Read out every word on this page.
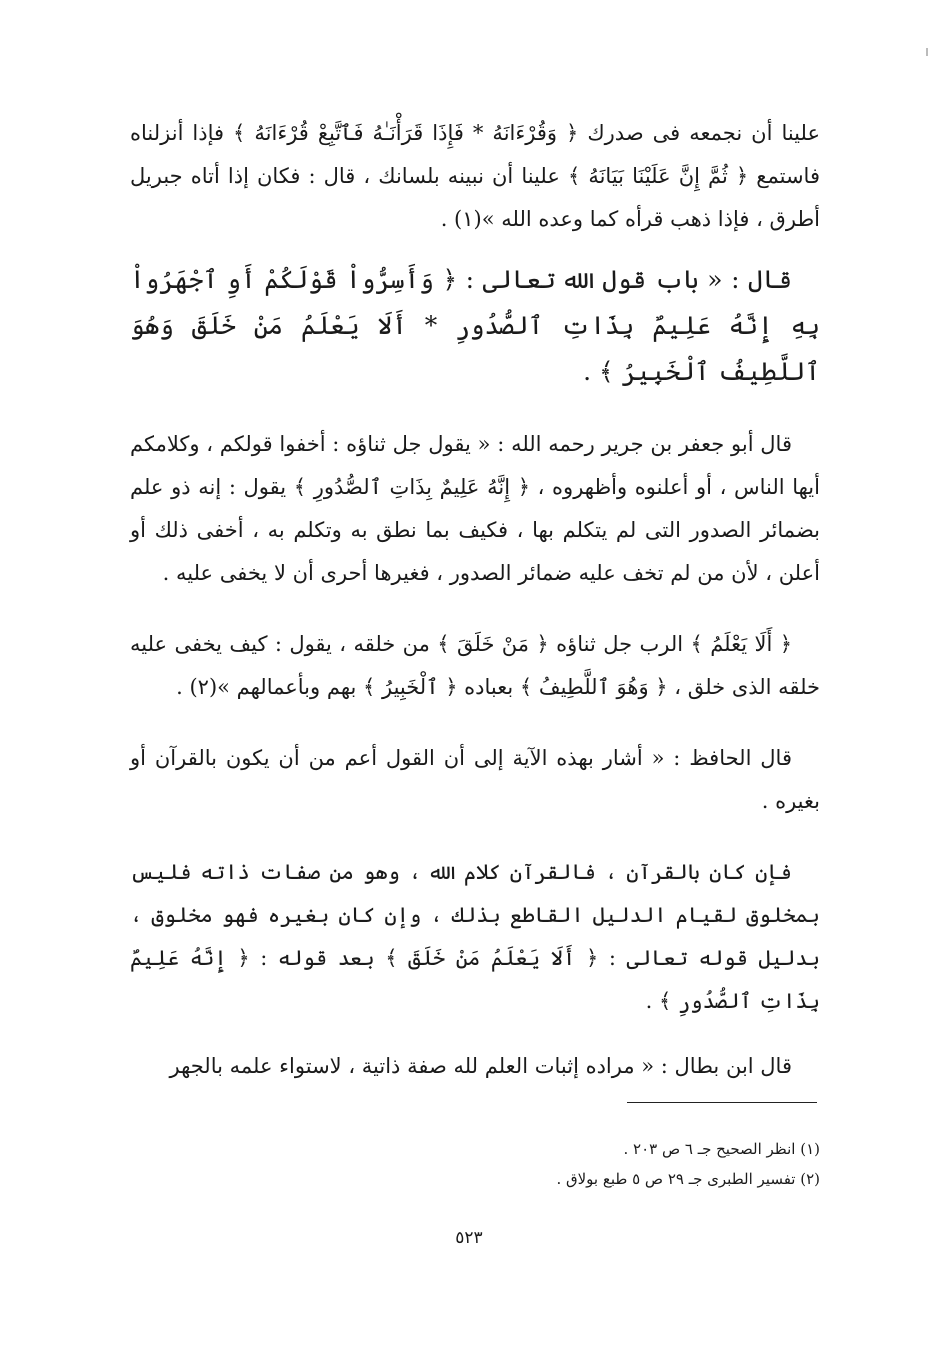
علينا أن نجمعه فى صدرك ﴿ وَقُرْءَانَهُ * فَإِذَا قَرَأْنَـٰهُ فَٱتَّبِعْ قُرْءَانَهُ ﴾ فإذا أنزلناه فاستمع ﴿ ثُمَّ إِنَّ عَلَيْنَا بَيَانَهُ ﴾ علينا أن نبينه بلسانك ، قال : فكان إذا أتاه جبريل أطرق ، فإذا ذهب قرأه كما وعده الله »(١) .

قال : « باب قول الله تعالى : ﴿ وَأَسِرُّواْ قَوْلَكُمْ أَوِ ٱجْهَرُواْ بِهِ إِنَّهُ عَلِيمٌ بِذَاتِ ٱلصُّدُورِ * أَلَا يَعْلَمُ مَنْ خَلَقَ وَهُوَ ٱللَّطِيفُ ٱلْخَبِيرُ ﴾ .

قال أبو جعفر بن جرير رحمه الله : « يقول جل ثناؤه : أخفوا قولكم ، وكلامكم أيها الناس ، أو أعلنوه وأظهروه ، ﴿ إِنَّهُ عَلِيمٌ بِذَاتِ ٱلصُّدُورِ ﴾ يقول : إنه ذو علم بضمائر الصدور التى لم يتكلم بها ، فكيف بما نطق به وتكلم به ، أخفى ذلك أو أعلن ، لأن من لم تخف عليه ضمائر الصدور ، فغيرها أحرى أن لا يخفى عليه .

﴿ أَلَا يَعْلَمُ ﴾ الرب جل ثناؤه ﴿ مَنْ خَلَقَ ﴾ من خلقه ، يقول : كيف يخفى عليه خلقه الذى خلق ، ﴿ وَهُوَ ٱللَّطِيفُ ﴾ بعباده ﴿ ٱلْخَبِيرُ ﴾ بهم وبأعمالهم »(٢) .

قال الحافظ : « أشار بهذه الآية إلى أن القول أعم من أن يكون بالقرآن أو بغيره .

فإن كان بالقرآن ، فالقرآن كلام الله ، وهو من صفات ذاته فليس بمخلوق لقيام الدليل القاطع بذلك ، وإن كان بغيره فهو مخلوق ، بدليل قوله تعالى : ﴿ أَلَا يَعْلَمُ مَنْ خَلَقَ ﴾ بعد قوله : ﴿ إِنَّهُ عَلِيمٌ بِذَاتِ ٱلصُّدُورِ ﴾ .

قال ابن بطال : « مراده إثبات العلم لله صفة ذاتية ، لاستواء علمه بالجهر

(١) انظر الصحيح جـ ٦ ص ٢٠٣ .

(٢) تفسير الطبرى جـ ٢٩ ص ٥ طبع بولاق .

٥٢٣
